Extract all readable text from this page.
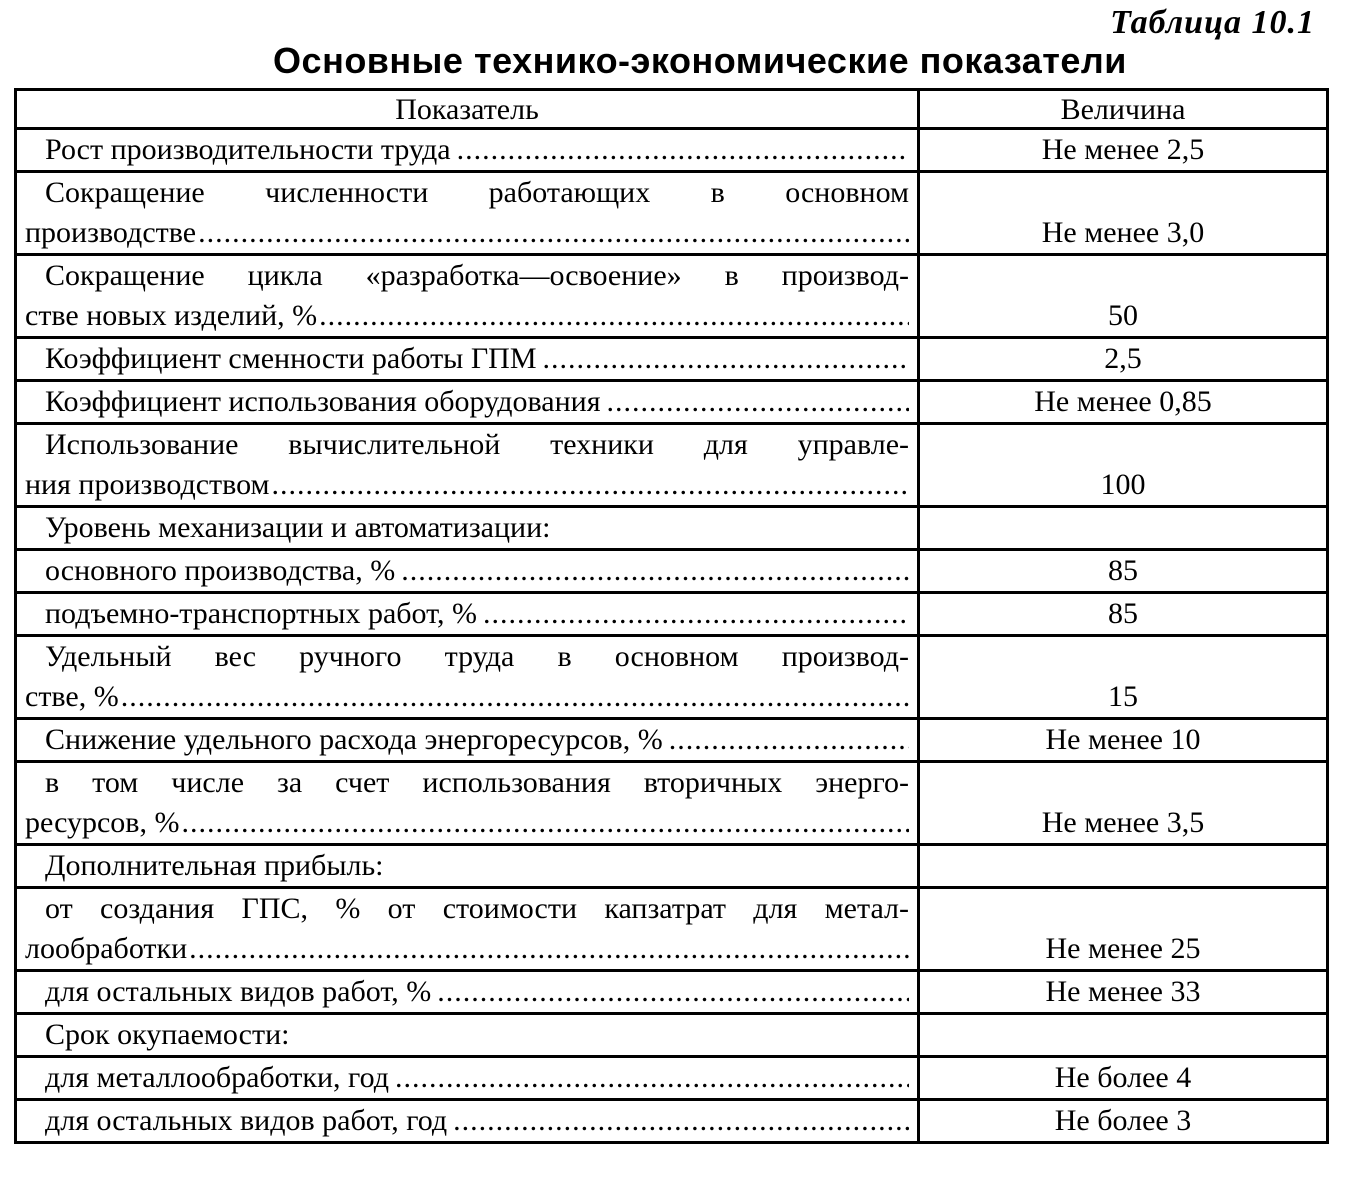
Таблица 10.1
Основные технико-экономические показатели
Показатель	Величина

Рост производительности труда
.....	Не менее 2,5

Сокращение численности работающих в основном
производстве
.....	Не менее 3,0

Сокращение цикла «разработка—освоение» в производ-
стве новых изделий, %
.....	50

Коэффициент сменности работы ГПМ
.....	2,5

Коэффициент использования оборудования
.....	Не менее 0,85

Использование вычислительной техники для управле-
ния производством
.....	100

Уровень механизации и автоматизации:	

основного производства, %
.....	85

подъемно-транспортных работ, %
.....	85

Удельный вес ручного труда в основном производ-
стве, %
.....	15

Снижение удельного расхода энергоресурсов, %
.....	Не менее 10

в том числе за счет использования вторичных энерго-
ресурсов, %
.....	Не менее 3,5

Дополнительная прибыль:	

от создания ГПС, % от стоимости капзатрат для метал-
лообработки
.....	Не менее 25

для остальных видов работ, %
.....	Не менее 33

Срок окупаемости:	

для металлообработки, год
.....	Не более 4

для остальных видов работ, год
.....	Не более 3
